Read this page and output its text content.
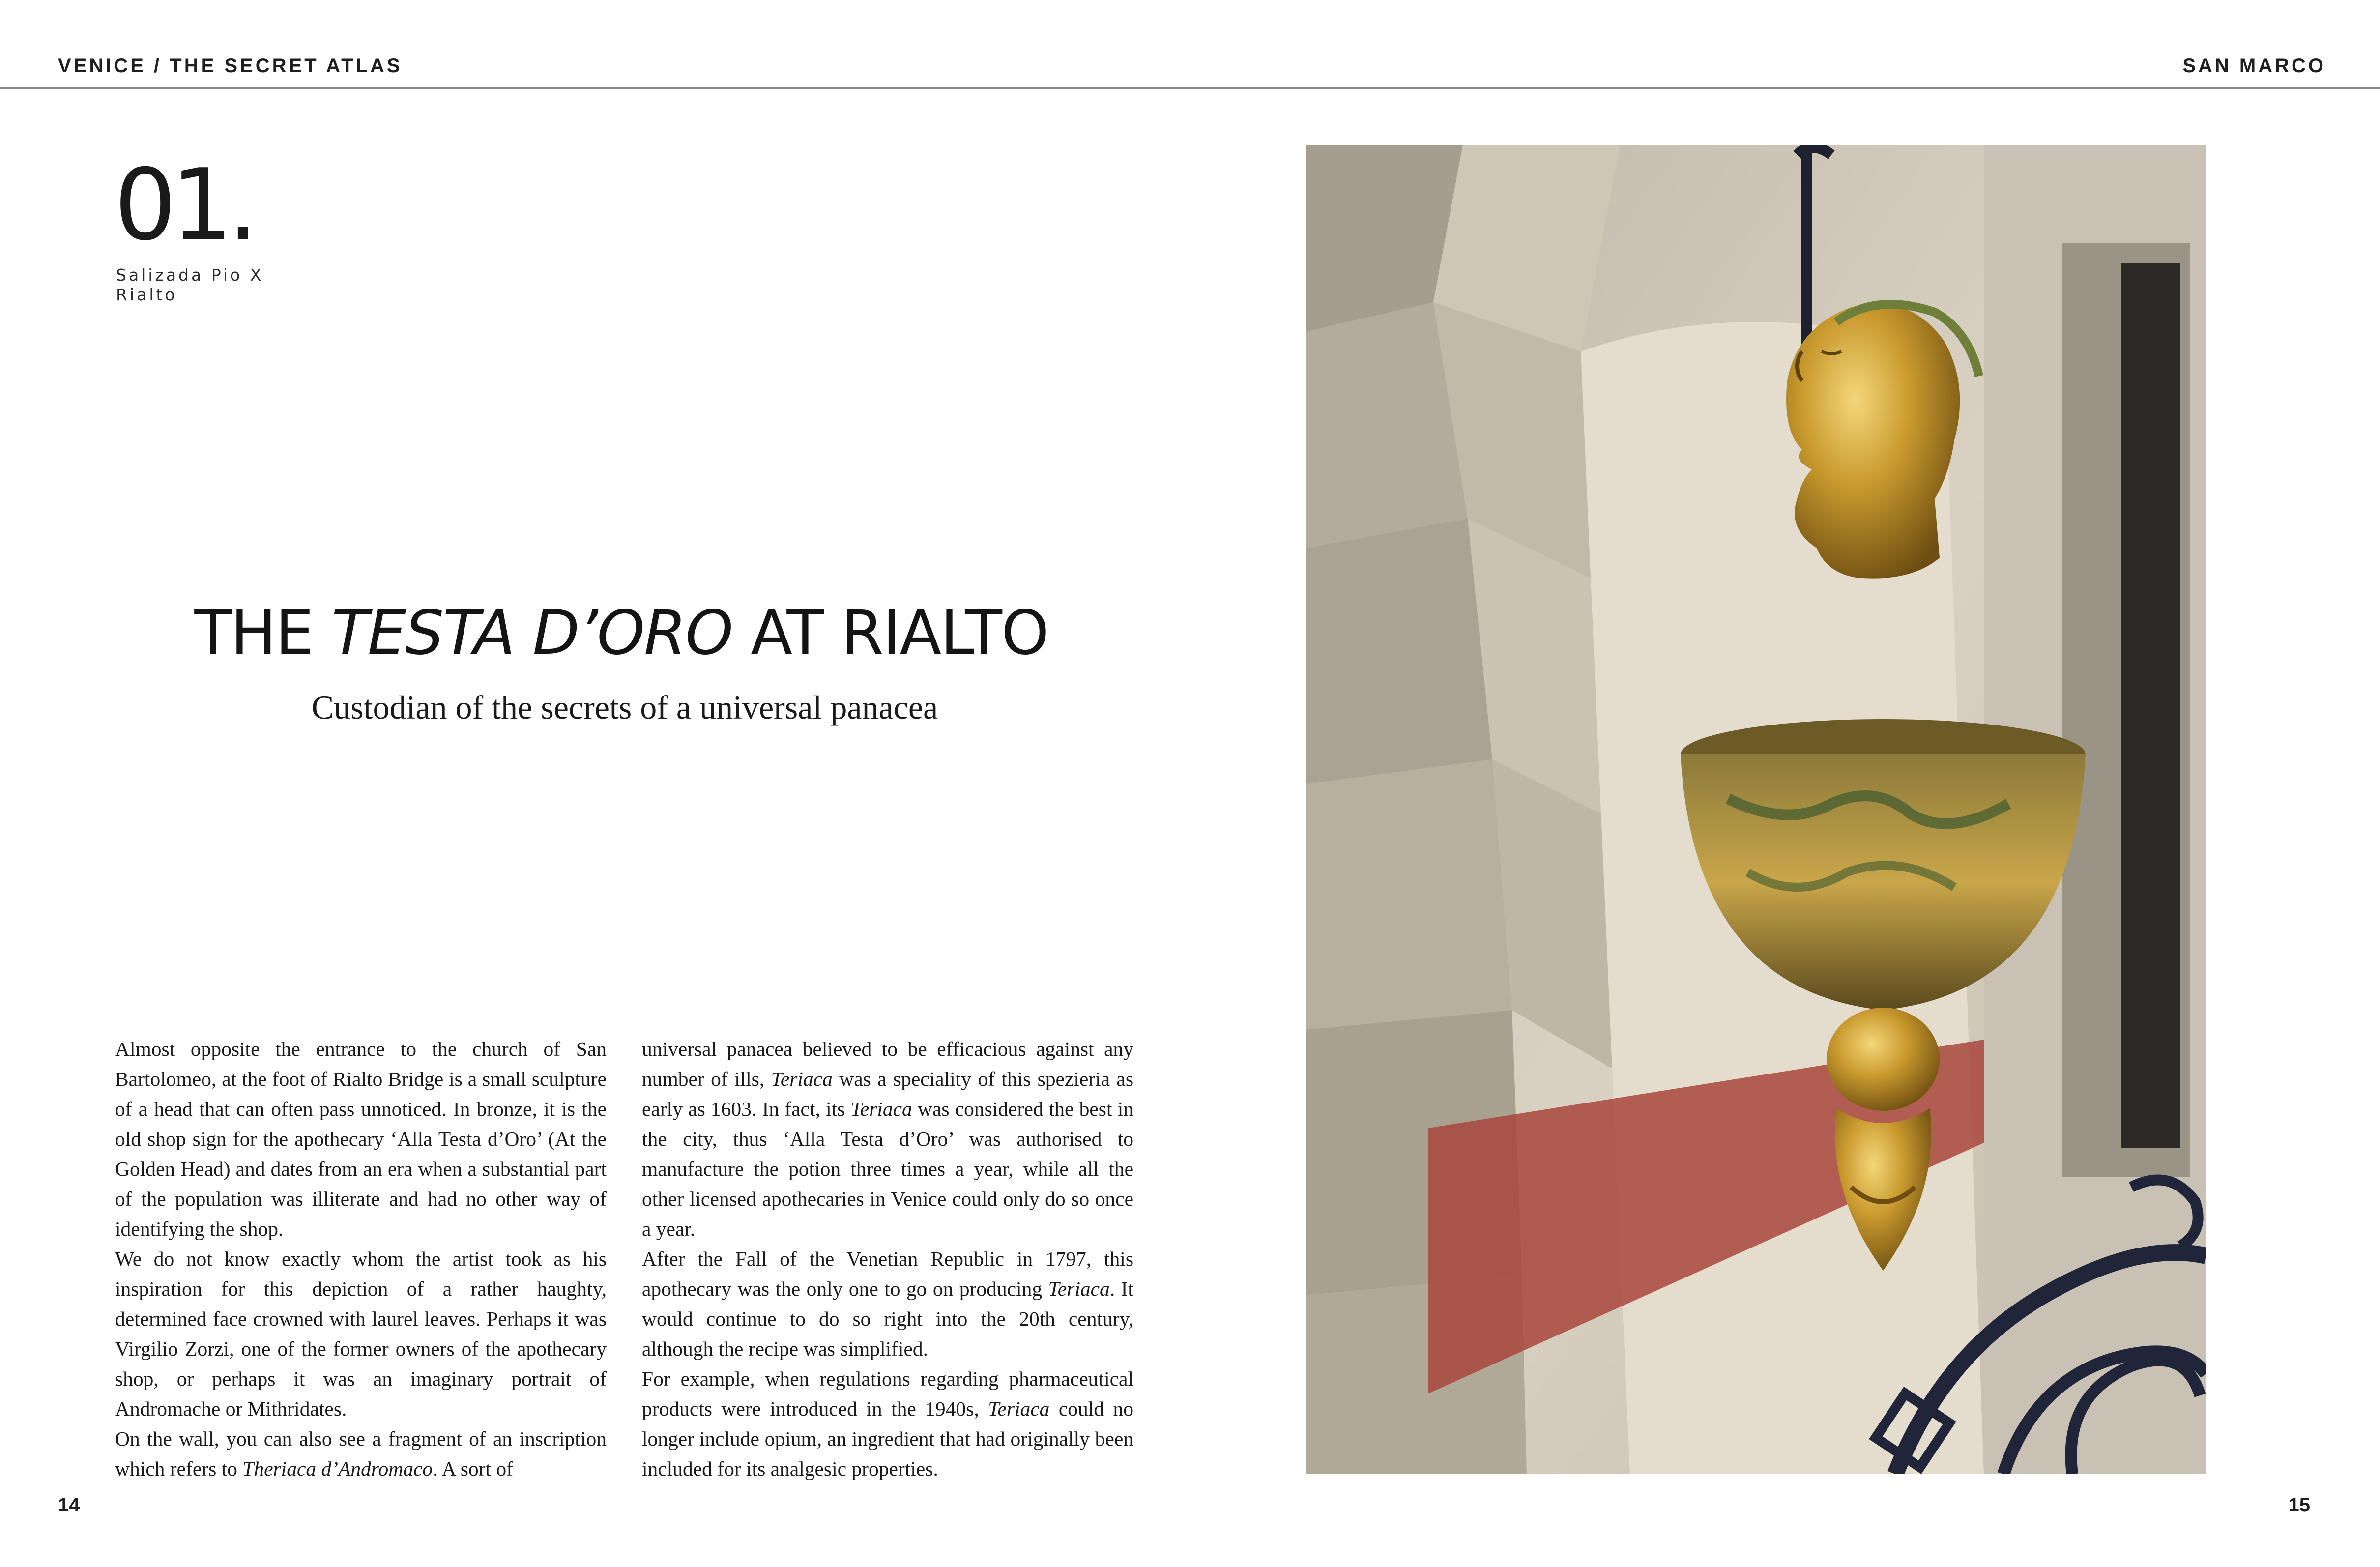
VENICE / THE SECRET ATLAS	SAN MARCO
01.
Salizada Pio X
Rialto
THE TESTA D’ORO AT RIALTO
Custodian of the secrets of a universal panacea

Almost opposite the entrance to the church of San Bartolomeo, at the foot of Rialto Bridge is a small sculpture of a head that can often pass unnoticed. In bronze, it is the old shop sign for the apothecary ‘Alla Testa d’Oro’ (At the Golden Head) and dates from an era when a substantial part of the population was illiterate and had no other way of identifying the shop.

We do not know exactly whom the artist took as his inspiration for this depiction of a rather haughty, determined face crowned with laurel leaves. Perhaps it was Virgilio Zorzi, one of the former owners of the apothecary shop, or perhaps it was an imaginary portrait of Andromache or Mithridates.

On the wall, you can also see a fragment of an inscription which refers to Theriaca d’Andromaco. A sort of

universal panacea believed to be efficacious against any number of ills, Teriaca was a speciality of this spezieria as early as 1603. In fact, its Teriaca was considered the best in the city, thus ‘Alla Testa d’Oro’ was authorised to manufacture the potion three times a year, while all the other licensed apothecaries in Venice could only do so once a year.

After the Fall of the Venetian Republic in 1797, this apothecary was the only one to go on producing Teriaca. It would continue to do so right into the 20th century, although the recipe was simplified.

For example, when regulations regarding pharmaceutical products were introduced in the 1940s, Teriaca could no longer include opium, an ingredient that had originally been included for its analgesic properties.

14	15
